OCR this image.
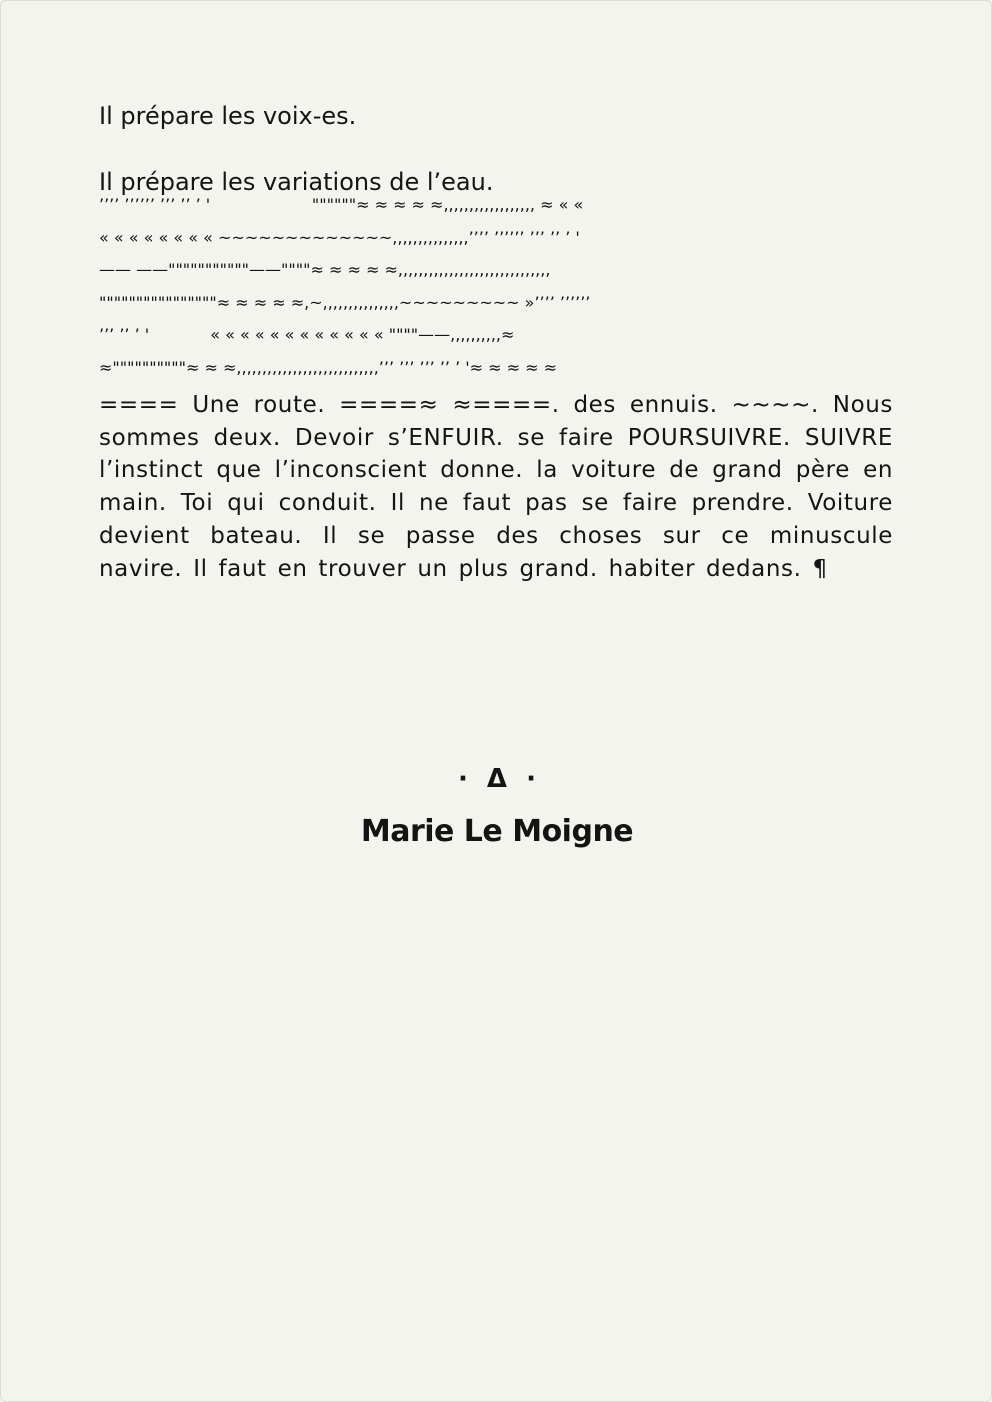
Il prépare les voix-es.

Il prépare les variations de l’eau.

’’’’ ’’’’’’ ’’’ ’’ ’ '                    """"""≈ ≈ ≈ ≈ ≈,,,,,,,,,,,,,,,,,, ≈ « «

« « « « « « « « ~~~~~~~~~~~~~,,,,,,,,,,,,,,,’’’’ ’’’’’’ ’’’ ’’ ’ '

—— ——"""""""""""——""""≈ ≈ ≈ ≈ ≈,,,,,,,,,,,,,,,,,,,,,,,,,,,,,,

""""""""""""""""≈ ≈ ≈ ≈ ≈,~,,,,,,,,,,,,,,,~~~~~~~~~ »’’’’ ’’’’’’

’’’ ’’ ’ '            « « « « « « « « « « « « """"——,,,,,,,,,,≈

≈""""""""""≈ ≈ ≈,,,,,,,,,,,,,,,,,,,,,,,,,,,,’’’ ’’’ ’’’ ’’ ’ '≈ ≈ ≈ ≈ ≈

==== Une route. ====≈ ≈====. des ennuis. ~~~~. Nous sommes deux. Devoir s’ENFUIR. se faire POURSUIVRE. SUIVRE l’instinct que l’inconscient donne. la voiture de grand père en main. Toi qui conduit. Il ne faut pas se faire prendre. Voiture devient bateau. Il se passe des choses sur ce minuscule navire. Il faut en trouver un plus grand. habiter dedans. ¶

· Δ ·
Marie Le Moigne
